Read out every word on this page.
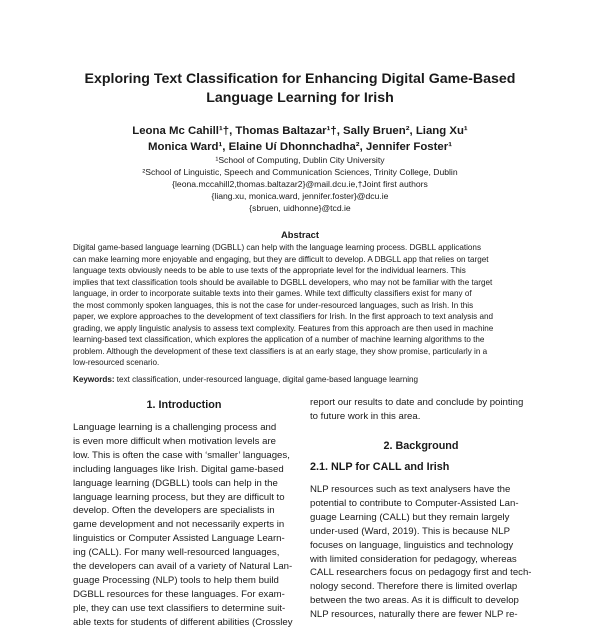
Exploring Text Classification for Enhancing Digital Game-Based
Language Learning for Irish
Leona Mc Cahill¹†, Thomas Baltazar¹†, Sally Bruen², Liang Xu¹
Monica Ward¹, Elaine Uí Dhonnchadha², Jennifer Foster¹
¹School of Computing, Dublin City University
²School of Linguistic, Speech and Communication Sciences, Trinity College, Dublin
{leona.mccahill2,thomas.baltazar2}@mail.dcu.ie,†Joint first authors
{liang.xu, monica.ward, jennifer.foster}@dcu.ie
{sbruen, uidhonne}@tcd.ie
Abstract
Digital game-based language learning (DGBLL) can help with the language learning process. DGBLL applications
can make learning more enjoyable and engaging, but they are difficult to develop. A DBGLL app that relies on target
language texts obviously needs to be able to use texts of the appropriate level for the individual learners. This
implies that text classification tools should be available to DGBLL developers, who may not be familiar with the target
language, in order to incorporate suitable texts into their games. While text difficulty classifiers exist for many of
the most commonly spoken languages, this is not the case for under-resourced languages, such as Irish. In this
paper, we explore approaches to the development of text classifiers for Irish. In the first approach to text analysis and
grading, we apply linguistic analysis to assess text complexity. Features from this approach are then used in machine
learning-based text classification, which explores the application of a number of machine learning algorithms to the
problem. Although the development of these text classifiers is at an early stage, they show promise, particularly in a
low-resourced scenario.
Keywords: text classification, under-resourced language, digital game-based language learning
1. Introduction
Language learning is a challenging process and
is even more difficult when motivation levels are
low. This is often the case with ‘smaller’ languages,
including languages like Irish. Digital game-based
language learning (DGBLL) tools can help in the
language learning process, but they are difficult to
develop. Often the developers are specialists in
game development and not necessarily experts in
linguistics or Computer Assisted Language Learn-
ing (CALL). For many well-resourced languages,
the developers can avail of a variety of Natural Lan-
guage Processing (NLP) tools to help them build
DGBLL resources for these languages. For exam-
ple, they can use text classifiers to determine suit-
able texts for students of different abilities (Crossley
report our results to date and conclude by pointing
to future work in this area.
2. Background
2.1. NLP for CALL and Irish
NLP resources such as text analysers have the
potential to contribute to Computer-Assisted Lan-
guage Learning (CALL) but they remain largely
under-used (Ward, 2019). This is because NLP
focuses on language, linguistics and technology
with limited consideration for pedagogy, whereas
CALL researchers focus on pedagogy first and tech-
nology second. Therefore there is limited overlap
between the two areas. As it is difficult to develop
NLP resources, naturally there are fewer NLP re-
